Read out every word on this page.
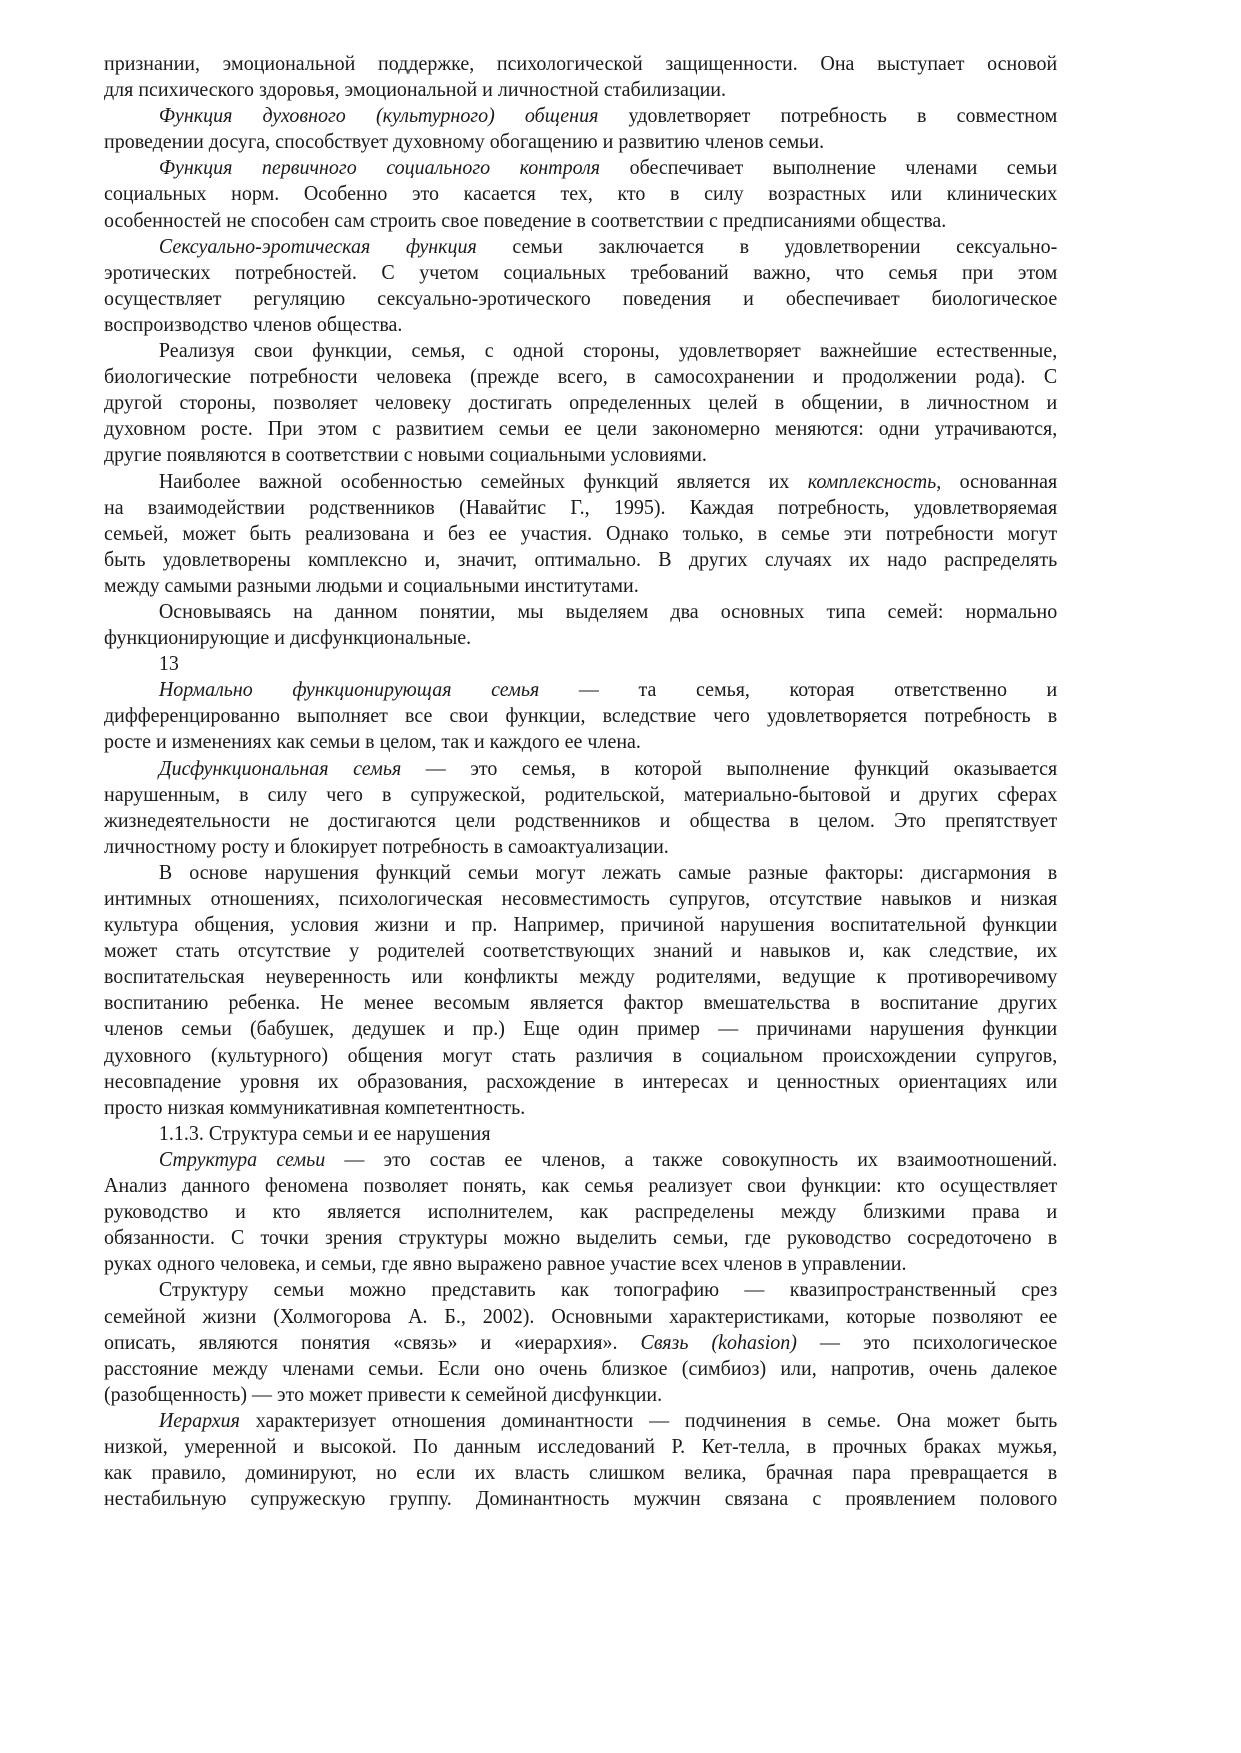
признании, эмоциональной поддержке, психологической защищенности. Она выступает основой
для психического здоровья, эмоциональной и личностной стабилизации.
Функция духовного (культурного) общения удовлетворяет потребность в совместном
проведении досуга, способствует духовному обогащению и развитию членов семьи.
Функция первичного социального контроля обеспечивает выполнение членами семьи
социальных норм. Особенно это касается тех, кто в силу возрастных или клинических
особенностей не способен сам строить свое поведение в соответствии с предписаниями общества.
Сексуально-эротическая функция семьи заключается в удовлетворении сексуально-
эротических потребностей. С учетом социальных требований важно, что семья при этом
осуществляет регуляцию сексуально-эротического поведения и обеспечивает биологическое
воспроизводство членов общества.
Реализуя свои функции, семья, с одной стороны, удовлетворяет важнейшие естественные,
биологические потребности человека (прежде всего, в самосохранении и продолжении рода). С
другой стороны, позволяет человеку достигать определенных целей в общении, в личностном и
духовном росте. При этом с развитием семьи ее цели закономерно меняются: одни утрачиваются,
другие появляются в соответствии с новыми социальными условиями.
Наиболее важной особенностью семейных функций является их комплексность, основанная
на взаимодействии родственников (Навайтис Г., 1995). Каждая потребность, удовлетворяемая
семьей, может быть реализована и без ее участия. Однако только, в семье эти потребности могут
быть удовлетворены комплексно и, значит, оптимально. В других случаях их надо распределять
между самыми разными людьми и социальными институтами.
Основываясь на данном понятии, мы выделяем два основных типа семей: нормально
функционирующие и дисфункциональные.
13
Нормально функционирующая семья — та семья, которая ответственно и
дифференцированно выполняет все свои функции, вследствие чего удовлетворяется потребность в
росте и изменениях как семьи в целом, так и каждого ее члена.
Дисфункциональная семья — это семья, в которой выполнение функций оказывается
нарушенным, в силу чего в супружеской, родительской, материально-бытовой и других сферах
жизнедеятельности не достигаются цели родственников и общества в целом. Это препятствует
личностному росту и блокирует потребность в самоактуализации.
В основе нарушения функций семьи могут лежать самые разные факторы: дисгармония в
интимных отношениях, психологическая несовместимость супругов, отсутствие навыков и низкая
культура общения, условия жизни и пр. Например, причиной нарушения воспитательной функции
может стать отсутствие у родителей соответствующих знаний и навыков и, как следствие, их
воспитательская неуверенность или конфликты между родителями, ведущие к противоречивому
воспитанию ребенка. Не менее весомым является фактор вмешательства в воспитание других
членов семьи (бабушек, дедушек и пр.) Еще один пример — причинами нарушения функции
духовного (культурного) общения могут стать различия в социальном происхождении супругов,
несовпадение уровня их образования, расхождение в интересах и ценностных ориентациях или
просто низкая коммуникативная компетентность.
1.1.3. Структура семьи и ее нарушения
Структура семьи — это состав ее членов, а также совокупность их взаимоотношений.
Анализ данного феномена позволяет понять, как семья реализует свои функции: кто осуществляет
руководство и кто является исполнителем, как распределены между близкими права и
обязанности. С точки зрения структуры можно выделить семьи, где руководство сосредоточено в
руках одного человека, и семьи, где явно выражено равное участие всех членов в управлении.
Структуру семьи можно представить как топографию — квазипространственный срез
семейной жизни (Холмогорова А. Б., 2002). Основными характеристиками, которые позволяют ее
описать, являются понятия «связь» и «иерархия». Связь (kohasion) — это психологическое
расстояние между членами семьи. Если оно очень близкое (симбиоз) или, напротив, очень далекое
(разобщенность) — это может привести к семейной дисфункции.
Иерархия характеризует отношения доминантности — подчинения в семье. Она может быть
низкой, умеренной и высокой. По данным исследований Р. Кет-телла, в прочных браках мужья,
как правило, доминируют, но если их власть слишком велика, брачная пара превращается в
нестабильную супружескую группу. Доминантность мужчин связана с проявлением полового
